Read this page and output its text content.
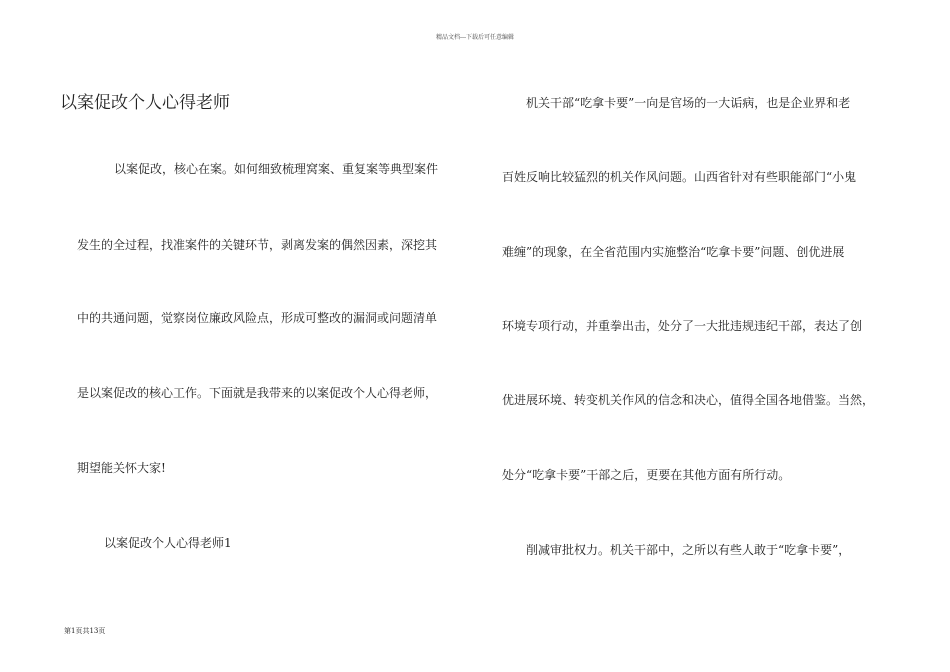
精品文档---下载后可任意编辑
以案促改个人心得老师
以案促改，核心在案。如何细致梳理窝案、重复案等典型案件
发生的全过程，找准案件的关键环节，剥离发案的偶然因素，深挖其
中的共通问题，觉察岗位廉政风险点，形成可整改的漏洞或问题清单
是以案促改的核心工作。下面就是我带来的以案促改个人心得老师，
期望能关怀大家!
以案促改个人心得老师1
机关干部“吃拿卡要”一向是官场的一大诟病，也是企业界和老
百姓反响比较猛烈的机关作风问题。山西省针对有些职能部门“小鬼
难缠”的现象，在全省范围内实施整治“吃拿卡要”问题、创优进展
环境专项行动，并重拳出击，处分了一大批违规违纪干部，表达了创
优进展环境、转变机关作风的信念和决心，值得全国各地借鉴。当然，
处分“吃拿卡要”干部之后，更要在其他方面有所行动。
削减审批权力。机关干部中，之所以有些人敢于“吃拿卡要”，
第1页共13页
